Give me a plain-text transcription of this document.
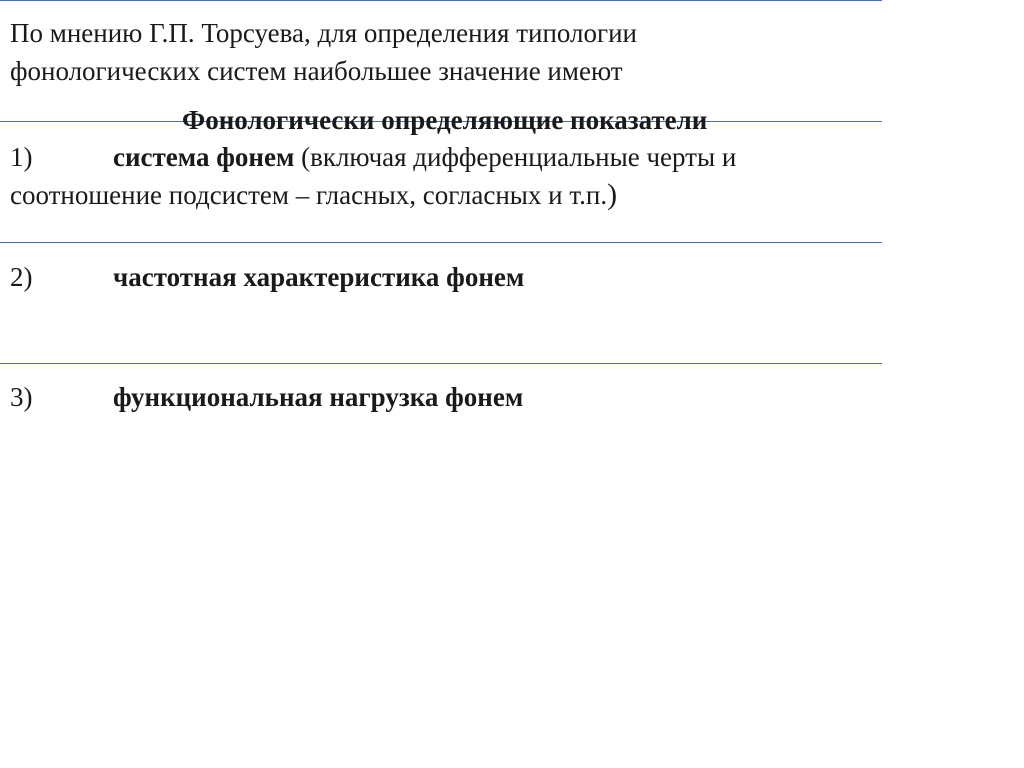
По мнению Г.П. Торсуева, для определения типологии
фонологических систем наибольшее значение имеют
Фонологически определяющие показатели
1)	система фонем (включая дифференциальные черты и
соотношение подсистем – гласных, согласных и т.п.)
2)	частотная характеристика фонем
3)	функциональная нагрузка фонем
